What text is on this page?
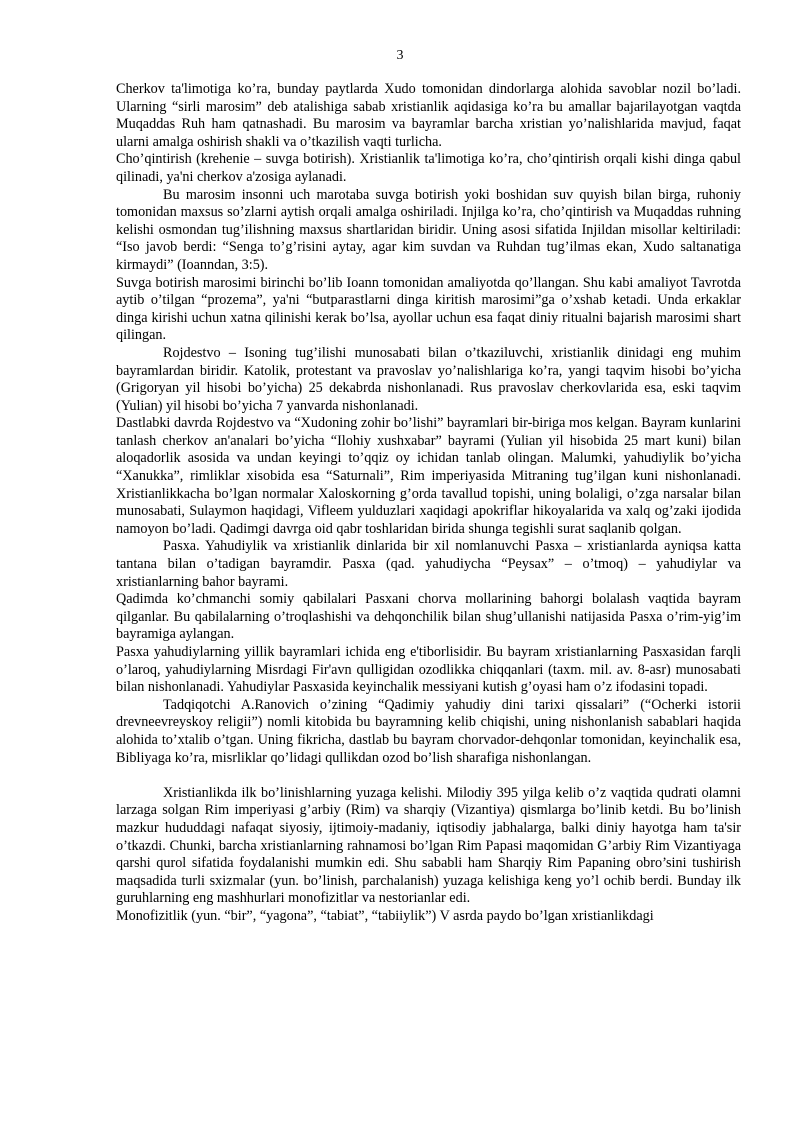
3

Cherkov ta'limotiga ko’ra, bunday paytlarda Xudo tomonidan dindorlarga alohida savoblar nozil bo’ladi. Ularning “sirli marosim” deb atalishiga sabab xristianlik aqidasiga ko’ra bu amallar bajarilayotgan vaqtda Muqaddas Ruh ham qatnashadi. Bu marosim va bayramlar barcha xristian yo’nalishlarida mavjud, faqat ularni amalga oshirish shakli va o’tkazilish vaqti turlicha.

Cho’qintirish (krehenie – suvga botirish). Xristianlik ta'limotiga ko’ra, cho’qintirish orqali kishi dinga qabul qilinadi, ya'ni cherkov a'zosiga aylanadi.

Bu marosim insonni uch marotaba suvga botirish yoki boshidan suv quyish bilan birga, ruhoniy tomonidan maxsus so’zlarni aytish orqali amalga oshiriladi. Injilga ko’ra, cho’qintirish va Muqaddas ruhning kelishi osmondan tug’ilishning maxsus shartlaridan biridir. Uning asosi sifatida Injildan misollar keltiriladi: “Iso javob berdi: “Senga to’g’risini aytay, agar kim suvdan va Ruhdan tug’ilmas ekan, Xudo saltanatiga kirmaydi” (Ioanndan, 3:5).

Suvga botirish marosimi birinchi bo’lib Ioann tomonidan amaliyotda qo’llangan. Shu kabi amaliyot Tavrotda aytib o’tilgan “prozema”, ya'ni “butparastlarni dinga kiritish marosimi”ga o’xshab ketadi. Unda erkaklar dinga kirishi uchun xatna qilinishi kerak bo’lsa, ayollar uchun esa faqat diniy ritualni bajarish marosimi shart qilingan.

Rojdestvo – Isoning tug’ilishi munosabati bilan o’tkaziluvchi, xristianlik dinidagi eng muhim bayramlardan biridir. Katolik, protestant va pravoslav yo’nalishlariga ko’ra, yangi taqvim hisobi bo’yicha (Grigoryan yil hisobi bo’yicha) 25 dekabrda nishonlanadi. Rus pravoslav cherkovlarida esa, eski taqvim (Yulian) yil hisobi bo’yicha 7 yanvarda nishonlanadi.

Dastlabki davrda Rojdestvo va “Xudoning zohir bo’lishi” bayramlari bir-biriga mos kelgan. Bayram kunlarini tanlash cherkov an'analari bo’yicha “Ilohiy xushxabar” bayrami (Yulian yil hisobida 25 mart kuni) bilan aloqadorlik asosida va undan keyingi to’qqiz oy ichidan tanlab olingan. Malumki, yahudiylik bo’yicha “Xanukka”, rimliklar xisobida esa “Saturnali”, Rim imperiyasida Mitraning tug’ilgan kuni nishonlanadi. Xristianlikkacha bo’lgan normalar Xaloskorning g’orda tavallud topishi, uning bolaligi, o’zga narsalar bilan munosabati, Sulaymon haqidagi, Vifleem yulduzlari xaqidagi apokriflar hikoyalarida va xalq og’zaki ijodida namoyon bo’ladi. Qadimgi davrga oid qabr toshlaridan birida shunga tegishli surat saqlanib qolgan.

Pasxa. Yahudiylik va xristianlik dinlarida bir xil nomlanuvchi Pasxa – xristianlarda ayniqsa katta tantana bilan o’tadigan bayramdir. Pasxa (qad. yahudiycha “Peysax” – o’tmoq) – yahudiylar va xristianlarning bahor bayrami.

Qadimda ko’chmanchi somiy qabilalari Pasxani chorva mollarining bahorgi bolalash vaqtida bayram qilganlar. Bu qabilalarning o’troqlashishi va dehqonchilik bilan shug’ullanishi natijasida Pasxa o’rim-yig’im bayramiga aylangan.

Pasxa yahudiylarning yillik bayramlari ichida eng e'tiborlisidir. Bu bayram xristianlarning Pasxasidan farqli o’laroq, yahudiylarning Misrdagi Fir'avn qulligidan ozodlikka chiqqanlari (taxm. mil. av. 8-asr) munosabati bilan nishonlanadi. Yahudiylar Pasxasida keyinchalik messiyani kutish g’oyasi ham o’z ifodasini topadi.

Tadqiqotchi A.Ranovich o’zining “Qadimiy yahudiy dini tarixi qissalari” (“Ocherki istorii drevneevreyskoy religii”) nomli kitobida bu bayramning kelib chiqishi, uning nishonlanish sabablari haqida alohida to’xtalib o’tgan. Uning fikricha, dastlab bu bayram chorvador-dehqonlar tomonidan, keyinchalik esa, Bibliyaga ko’ra, misrliklar qo’lidagi qullikdan ozod bo’lish sharafiga nishonlangan.

Xristianlikda ilk bo’linishlarning yuzaga kelishi. Milodiy 395 yilga kelib o’z vaqtida qudrati olamni larzaga solgan Rim imperiyasi g’arbiy (Rim) va sharqiy (Vizantiya) qismlarga bo’linib ketdi. Bu bo’linish mazkur hududdagi nafaqat siyosiy, ijtimoiy-madaniy, iqtisodiy jabhalarga, balki diniy hayotga ham ta'sir o’tkazdi. Chunki, barcha xristianlarning rahnamosi bo’lgan Rim Papasi maqomidan G’arbiy Rim Vizantiyaga qarshi qurol sifatida foydalanishi mumkin edi. Shu sababli ham Sharqiy Rim Papaning obro’sini tushirish maqsadida turli sxizmalar (yun. bo’linish, parchalanish) yuzaga kelishiga keng yo’l ochib berdi. Bunday ilk guruhlarning eng mashhurlari monofizitlar va nestorianlar edi.

Monofizitlik (yun. “bir”, “yagona”, “tabiat”, “tabiiylik”) V asrda paydo bo’lgan xristianlikdagi
